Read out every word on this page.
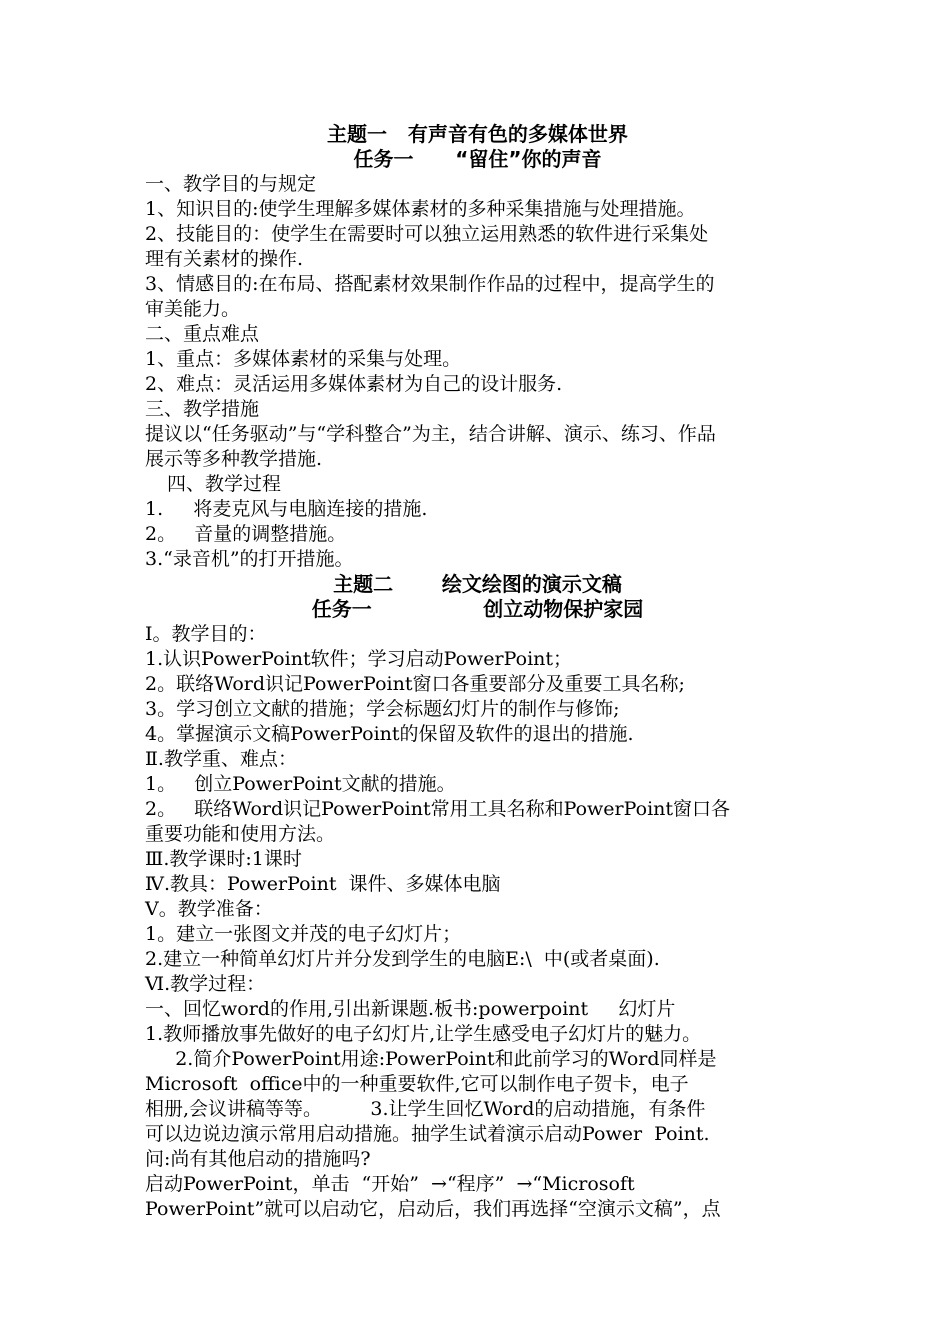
主题一   有声音有色的多媒体世界
任务一      “留住”你的声音
一、教学目的与规定
1、知识目的:使学生理解多媒体素材的多种采集措施与处理措施。
2、技能目的：使学生在需要时可以独立运用熟悉的软件进行采集处
理有关素材的操作.
3、情感目的:在布局、搭配素材效果制作作品的过程中，提高学生的
审美能力。
二、重点难点
1、重点：多媒体素材的采集与处理。
2、难点：灵活运用多媒体素材为自己的设计服务.
三、教学措施
提议以“任务驱动”与“学科整合”为主，结合讲解、演示、练习、作品
展示等多种教学措施.
四、教学过程
1.     将麦克风与电脑连接的措施.
2。   音量的调整措施。
3.“录音机”的打开措施。
主题二       绘文绘图的演示文稿
任务一                创立动物保护家园
Ⅰ。教学目的：
1.认识PowerPoint软件；学习启动PowerPoint；
2。联络Word识记PowerPoint窗口各重要部分及重要工具名称;
3。学习创立文献的措施；学会标题幻灯片的制作与修饰;
4。掌握演示文稿PowerPoint的保留及软件的退出的措施.
Ⅱ.教学重、难点：
1。   创立PowerPoint文献的措施。
2。   联络Word识记PowerPoint常用工具名称和PowerPoint窗口各
重要功能和使用方法。
Ⅲ.教学课时:1课时
Ⅳ.教具：PowerPoint  课件、多媒体电脑
Ⅴ。教学准备：
1。建立一张图文并茂的电子幻灯片；
2.建立一种简单幻灯片并分发到学生的电脑E:\  中(或者桌面).
Ⅵ.教学过程：
一、回忆word的作用,引出新课题.板书:powerpoint     幻灯片
1.教师播放事先做好的电子幻灯片,让学生感受电子幻灯片的魅力。
2.简介PowerPoint用途:PowerPoint和此前学习的Word同样是
Microsoft  office中的一种重要软件,它可以制作电子贺卡，电子
相册,会议讲稿等等。        3.让学生回忆Word的启动措施，有条件
可以边说边演示常用启动措施。抽学生试着演示启动Power  Point.
问:尚有其他启动的措施吗?
启动PowerPoint，单击  “开始”  →“程序”  →“Microsoft
PowerPoint”就可以启动它，启动后，我们再选择“空演示文稿”，点
